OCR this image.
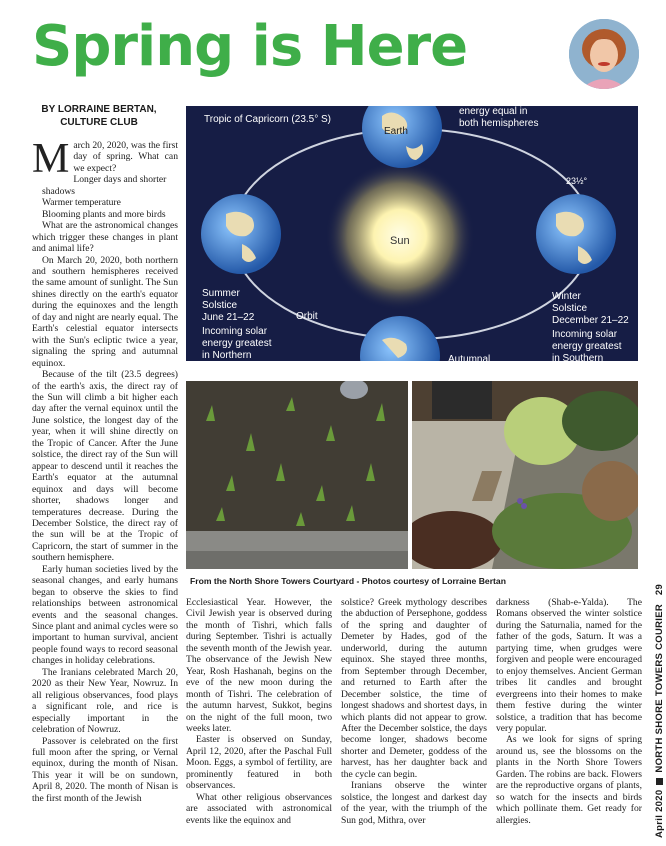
Spring is Here
BY LORRAINE BERTAN, CULTURE CLUB
M arch 20, 2020, was the first day of spring. What can we expect?

Longer days and shorter shadows

Warmer temperature

Blooming plants and more birds

What are the astronomical changes which trigger these changes in plant and animal life?

On March 20, 2020, both northern and southern hemispheres received the same amount of sunlight. The Sun shines directly on the earth's equator during the equinoxes and the length of day and night are nearly equal. The Earth's celestial equator intersects with the Sun's ecliptic twice a year, signaling the spring and autumnal equinox.

Because of the tilt (23.5 degrees) of the earth's axis, the direct ray of the Sun will climb a bit higher each day after the vernal equinox until the June solstice, the longest day of the year, when it will shine directly on the Tropic of Cancer. After the June solstice, the direct ray of the Sun will appear to descend until it reaches the Earth's equator at the autumnal equinox and days will become shorter, shadows longer and temperatures decrease. During the December Solstice, the direct ray of the sun will be at the Tropic of Capricorn, the start of summer in the southern hemisphere.

Early human societies lived by the seasonal changes, and early humans began to observe the skies to find relationships between astronomical events and the seasonal changes. Since plant and animal cycles were so important to human survival, ancient people found ways to record seasonal changes in holiday celebrations.

The Iranians celebrated March 20, 2020 as their New Year, Nowruz. In all religious observances, food plays a significant role, and rice is especially important in the celebration of Nowruz.

Passover is celebrated on the first full moon after the spring, or Vernal equinox, during the month of Nisan. This year it will be on sundown, April 8, 2020. The month of Nisan is the first month of the Jewish

Sun
Tropic of Capricorn (23.5° S)
energy equal in
both hemispheres
Earth
Orbit
23½°
Summer
Solstice
June 21–22
Incoming solar
energy greatest
in Northern
Winter
Solstice
December 21–22
Incoming solar
energy greatest
in Southern
Autumnal
From the North Shore Towers Courtyard - Photos courtesy of Lorraine Bertan

Ecclesiastical Year. However, the Civil Jewish year is observed during the month of Tishri, which falls during September. Tishri is actually the seventh month of the Jewish year. The observance of the Jewish New Year, Rosh Hashanah, begins on the eve of the new moon during the month of Tishri. The celebration of the autumn harvest, Sukkot, begins on the night of the full moon, two weeks later.

Easter is observed on Sunday, April 12, 2020, after the Paschal Full Moon. Eggs, a symbol of fertility, are prominently featured in both observances.

What other religious observances are associated with astronomical events like the equinox and

solstice? Greek mythology describes the abduction of Persephone, goddess of the spring and daughter of Demeter by Hades, god of the underworld, during the autumn equinox. She stayed three months, from September through December, and returned to Earth after the December solstice, the time of longest shadows and shortest days, in which plants did not appear to grow. After the December solstice, the days become longer, shadows become shorter and Demeter, goddess of the harvest, has her daughter back and the cycle can begin.

Iranians observe the winter solstice, the longest and darkest day of the year, with the triumph of the Sun god, Mithra, over

darkness (Shab-e-Yalda). The Romans observed the winter solstice during the Saturnalia, named for the father of the gods, Saturn. It was a partying time, when grudges were forgiven and people were encouraged to enjoy themselves. Ancient German tribes lit candles and brought evergreens into their homes to make them festive during the winter solstice, a tradition that has become very popular.

As we look for signs of spring around us, see the blossoms on the plants in the North Shore Towers Garden. The robins are back. Flowers are the reproductive organs of plants, so watch for the insects and birds which pollinate them. Get ready for allergies.	April 2020NORTH SHORE TOWERS COURIER   29
